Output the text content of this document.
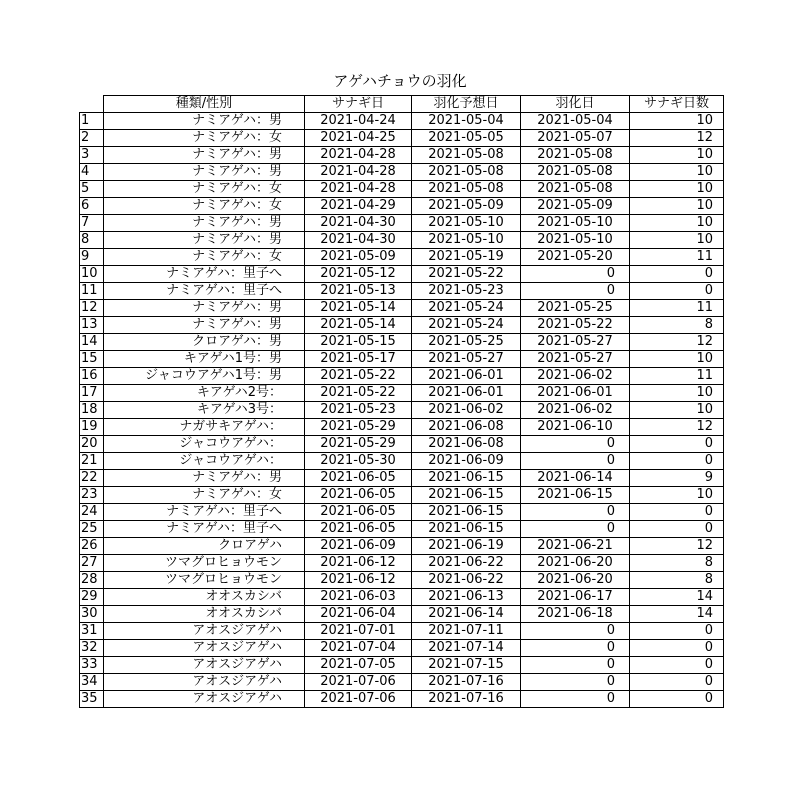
アゲハチョウの羽化
	種類/性別	サナギ日	羽化予想日	羽化日	サナギ日数
1	ナミアゲハ：男	2021-04-24	2021-05-04	2021-05-04	10
2	ナミアゲハ：女	2021-04-25	2021-05-05	2021-05-07	12
3	ナミアゲハ：男	2021-04-28	2021-05-08	2021-05-08	10
4	ナミアゲハ：男	2021-04-28	2021-05-08	2021-05-08	10
5	ナミアゲハ：女	2021-04-28	2021-05-08	2021-05-08	10
6	ナミアゲハ：女	2021-04-29	2021-05-09	2021-05-09	10
7	ナミアゲハ：男	2021-04-30	2021-05-10	2021-05-10	10
8	ナミアゲハ：男	2021-04-30	2021-05-10	2021-05-10	10
9	ナミアゲハ：女	2021-05-09	2021-05-19	2021-05-20	11
10	ナミアゲハ：里子へ	2021-05-12	2021-05-22	0	0
11	ナミアゲハ：里子へ	2021-05-13	2021-05-23	0	0
12	ナミアゲハ：男	2021-05-14	2021-05-24	2021-05-25	11
13	ナミアゲハ：男	2021-05-14	2021-05-24	2021-05-22	8
14	クロアゲハ：男	2021-05-15	2021-05-25	2021-05-27	12
15	キアゲハ1号：男	2021-05-17	2021-05-27	2021-05-27	10
16	ジャコウアゲハ1号：男	2021-05-22	2021-06-01	2021-06-02	11
17	キアゲハ2号：	2021-05-22	2021-06-01	2021-06-01	10
18	キアゲハ3号：	2021-05-23	2021-06-02	2021-06-02	10
19	ナガサキアゲハ：	2021-05-29	2021-06-08	2021-06-10	12
20	ジャコウアゲハ：	2021-05-29	2021-06-08	0	0
21	ジャコウアゲハ：	2021-05-30	2021-06-09	0	0
22	ナミアゲハ：男	2021-06-05	2021-06-15	2021-06-14	9
23	ナミアゲハ：女	2021-06-05	2021-06-15	2021-06-15	10
24	ナミアゲハ：里子へ	2021-06-05	2021-06-15	0	0
25	ナミアゲハ：里子へ	2021-06-05	2021-06-15	0	0
26	クロアゲハ	2021-06-09	2021-06-19	2021-06-21	12
27	ツマグロヒョウモン	2021-06-12	2021-06-22	2021-06-20	8
28	ツマグロヒョウモン	2021-06-12	2021-06-22	2021-06-20	8
29	オオスカシバ	2021-06-03	2021-06-13	2021-06-17	14
30	オオスカシバ	2021-06-04	2021-06-14	2021-06-18	14
31	アオスジアゲハ	2021-07-01	2021-07-11	0	0
32	アオスジアゲハ	2021-07-04	2021-07-14	0	0
33	アオスジアゲハ	2021-07-05	2021-07-15	0	0
34	アオスジアゲハ	2021-07-06	2021-07-16	0	0
35	アオスジアゲハ	2021-07-06	2021-07-16	0	0
